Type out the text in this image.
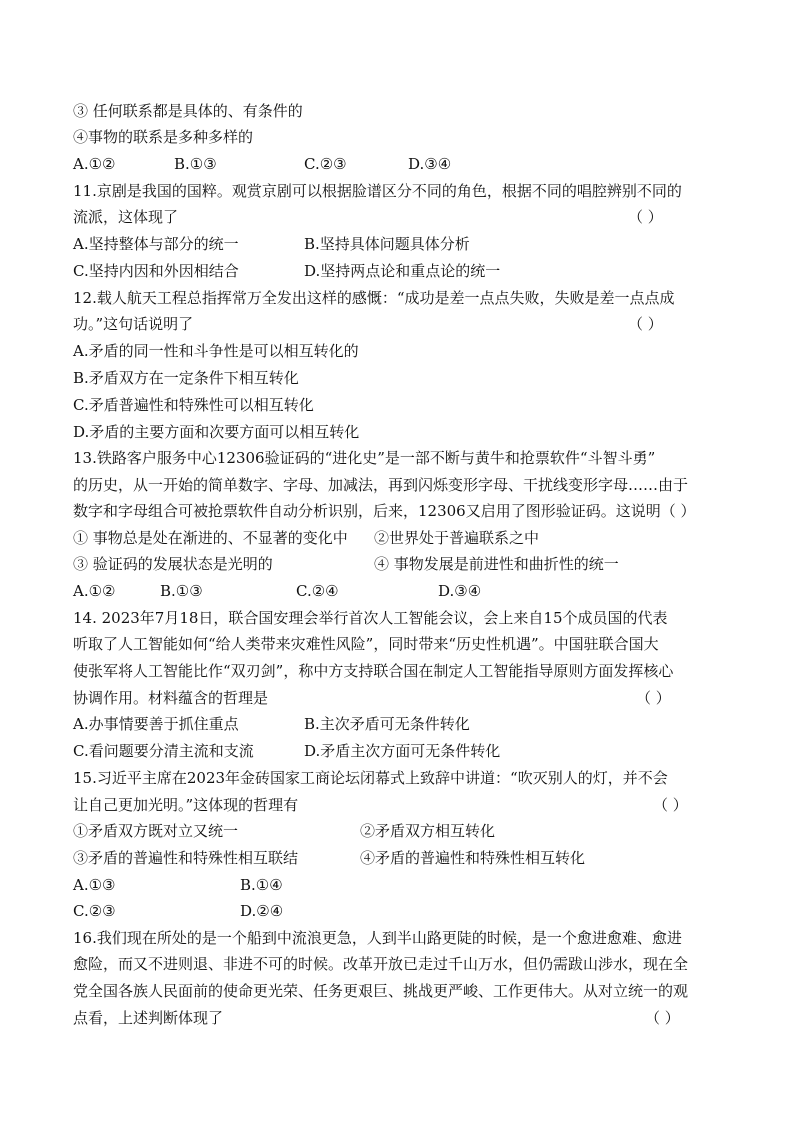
③ 任何联系都是具体的、有条件的
④事物的联系是多种多样的
A.①②	B.①③	C.②③	D.③④
11.京剧是我国的国粹。观赏京剧可以根据脸谱区分不同的角色，根据不同的唱腔辨别不同的
流派，这体现了	（ ）
A.坚持整体与部分的统一	B.坚持具体问题具体分析
C.坚持内因和外因相结合	D.坚持两点论和重点论的统一
12.载人航天工程总指挥常万全发出这样的感慨：“成功是差一点点失败，失败是差一点点成
功。”这句话说明了	（ ）
A.矛盾的同一性和斗争性是可以相互转化的
B.矛盾双方在一定条件下相互转化
C.矛盾普遍性和特殊性可以相互转化
D.矛盾的主要方面和次要方面可以相互转化
13.铁路客户服务中心12306验证码的“进化史”是一部不断与黄牛和抢票软件“斗智斗勇”
的历史，从一开始的简单数字、字母、加减法，再到闪烁变形字母、干扰线变形字母……由于
数字和字母组合可被抢票软件自动分析识别，后来，12306又启用了图形验证码。这说明（ ）
① 事物总是处在渐进的、不显著的变化中 ②世界处于普遍联系之中
③ 验证码的发展状态是光明的	④ 事物发展是前进性和曲折性的统一
A.①②	B.①③	C.②④	D.③④
14. 2023年7月18日，联合国安理会举行首次人工智能会议，会上来自15个成员国的代表
听取了人工智能如何“给人类带来灾难性风险”，同时带来“历史性机遇”。中国驻联合国大
使张军将人工智能比作“双刃剑”，称中方支持联合国在制定人工智能指导原则方面发挥核心
协调作用。材料蕴含的哲理是	（ ）
A.办事情要善于抓住重点	B.主次矛盾可无条件转化
C.看问题要分清主流和支流	D.矛盾主次方面可无条件转化
15.习近平主席在2023年金砖国家工商论坛闭幕式上致辞中讲道：“吹灭别人的灯，并不会
让自己更加光明。”这体现的哲理有	（ ）
①矛盾双方既对立又统一	②矛盾双方相互转化
③矛盾的普遍性和特殊性相互联结	④矛盾的普遍性和特殊性相互转化
A.①③	B.①④
C.②③	D.②④
16.我们现在所处的是一个船到中流浪更急，人到半山路更陡的时候，是一个愈进愈难、愈进
愈险，而又不进则退、非进不可的时候。改革开放已走过千山万水，但仍需跋山涉水，现在全
党全国各族人民面前的使命更光荣、任务更艰巨、挑战更严峻、工作更伟大。从对立统一的观
点看，上述判断体现了	（ ）
